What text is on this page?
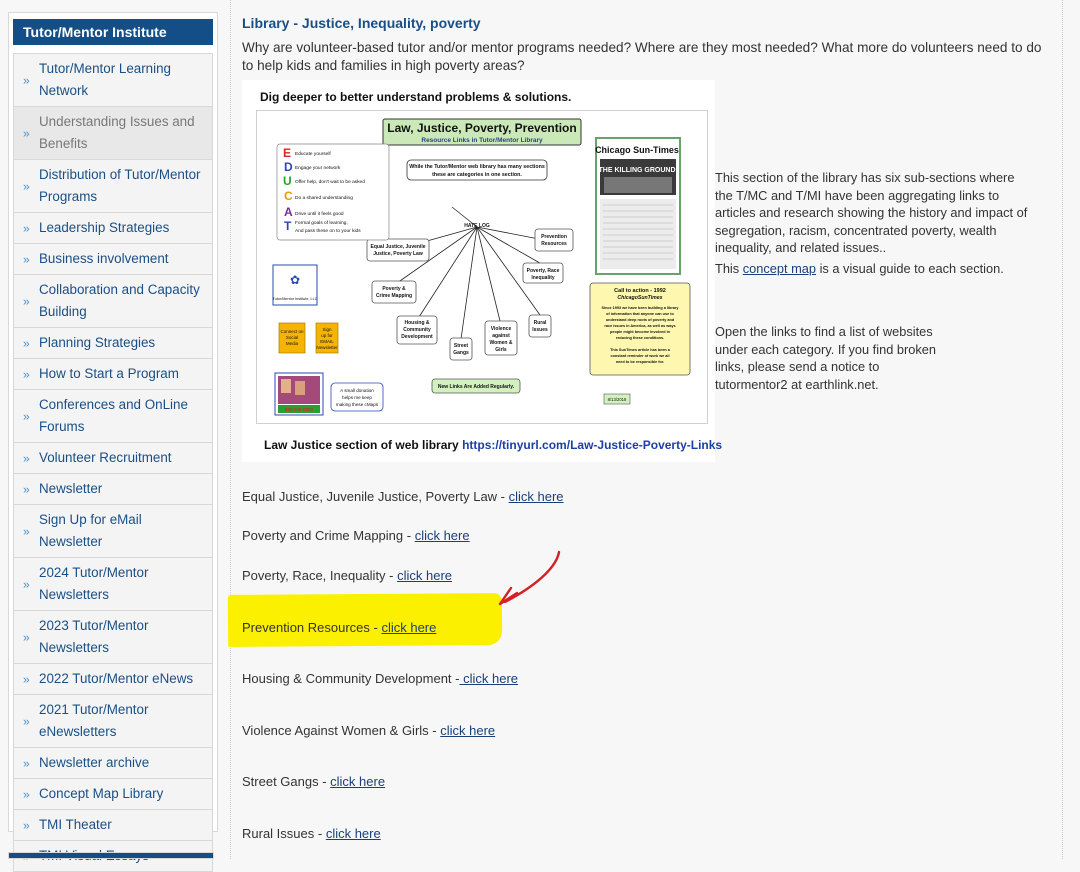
Tutor/Mentor Institute
»
Tutor/Mentor Learning Network
»
Understanding Issues and Benefits
»
Distribution of Tutor/Mentor Programs
» Leadership Strategies
» Business involvement
»
Collaboration and Capacity Building
» Planning Strategies
» How to Start a Program
»
Conferences and OnLine Forums
» Volunteer Recruitment
» Newsletter
»
Sign Up for eMail Newsletter
»
2024 Tutor/Mentor Newsletters
»
2023 Tutor/Mentor Newsletters
» 2022 Tutor/Mentor eNews
»
2021 Tutor/Mentor eNewsletters
» Newsletter archive
» Concept Map Library
» TMI Theater
Library - Justice, Inequality, poverty
Why are volunteer-based tutor and/or mentor programs needed? Where are they most needed? What more do volunteers need to do to help kids and families in high poverty areas?
Dig deeper to better understand problems & solutions.
Law, Justice, Poverty, Prevention
Resource Links in Tutor/Mentor Library
While the Tutor/Mentor web library has many sections
these are categories in one section.
HATE LOG
Equal Justice, Juvenile
Justice, Poverty Law
Prevention
Resources
Poverty, Race
Inequality
Poverty &
Crime Mapping
Housing &
Community
Development
Street
Gangs
Violence
against
Women &
Girls
Rural
Issues
Educate yourself
Engage your network
Offer help, don't wait to be asked
Do a shared understanding
Drive until it feels good
Formal goals of learning,
And pass these on to your kids
E
D
U
C
A
T
✿
Tutor/Mentor Institute, LLC
Connect on
Social
Media
Sign
up for
EMAIL
Newsletter
000-000-0000
A small donation
helps me keep
making these cMaps
New Links Are Added Regularly.
Chicago Sun-Times
THE KILLING GROUND
Call to action - 1992
ChicagoSunTimes
Since 1993 we have been building a library
of information that anyone can use to
understand deep roots of poverty and
race issues in America, as well as ways
people might become involved in
reducing these conditions.
This SunTimes article has been a
constant reminder of work we all
need to be responsible for.
8/13/2018
Law Justice section of web library https://tinyurl.com/Law-Justice-Poverty-Links
This section of the library has six sub-sections where the T/MC and T/MI have been aggregating links to articles and research showing the history and impact of segregation, racism, concentrated poverty, wealth inequality, and related issues..
This concept map is a visual guide to each section.
Open the links to find a list of websites under each category. If you find broken links, please send a notice to tutormentor2 at earthlink.net.
Equal Justice, Juvenile Justice, Poverty Law - click here
Poverty and Crime Mapping - click here
Poverty, Race, Inequality - click here
Prevention Resources - click here
Housing & Community Development - click here
Violence Against Women & Girls - click here
Street Gangs - click here
Rural Issues - click here
